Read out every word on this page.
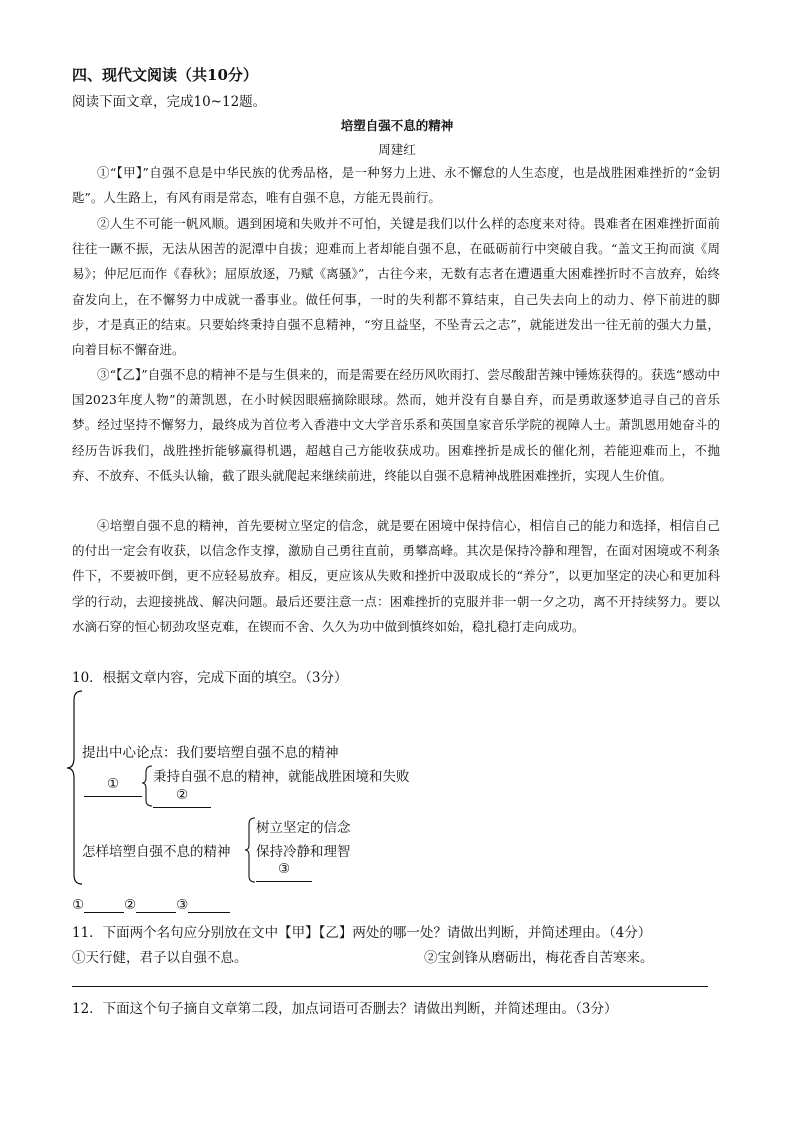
四、现代文阅读（共10分）
阅读下面文章，完成10~12题。
培塑自强不息的精神
周建红
①“【甲】”自强不息是中华民族的优秀品格，是一种努力上进、永不懈怠的人生态度，也是战胜困难挫折的“金钥匙”。人生路上，有风有雨是常态，唯有自强不息，方能无畏前行。
②人生不可能一帆风顺。遇到困境和失败并不可怕，关键是我们以什么样的态度来对待。畏难者在困难挫折面前往往一蹶不振，无法从困苦的泥潭中自拔；迎难而上者却能自强不息，在砥砺前行中突破自我。“盖文王拘而演《周易》；仲尼厄而作《春秋》；屈原放逐，乃赋《离骚》”，古往今来，无数有志者在遭遇重大困难挫折时不言放弃，始终奋发向上，在不懈努力中成就一番事业。做任何事，一时的失利都不算结束，自己失去向上的动力、停下前进的脚步，才是真正的结束。只要始终秉持自强不息精神，“穷且益坚，不坠青云之志”，就能迸发出一往无前的强大力量，向着目标不懈奋进。
③“【乙】”自强不息的精神不是与生俱来的，而是需要在经历风吹雨打、尝尽酸甜苦辣中锤炼获得的。获选“感动中国2023年度人物”的萧凯恩，在小时候因眼癌摘除眼球。然而，她并没有自暴自弃，而是勇敢逐梦追寻自己的音乐梦。经过坚持不懈努力，最终成为首位考入香港中文大学音乐系和英国皇家音乐学院的视障人士。萧凯恩用她奋斗的经历告诉我们，战胜挫折能够赢得机遇，超越自己方能收获成功。困难挫折是成长的催化剂，若能迎难而上，不抛弃、不放弃、不低头认输，截了跟头就爬起来继续前进，终能以自强不息精神战胜困难挫折，实现人生价值。
④培塑自强不息的精神，首先要树立坚定的信念，就是要在困境中保持信心，相信自己的能力和选择，相信自己的付出一定会有收获，以信念作支撑，激励自己勇往直前，勇攀高峰。其次是保持冷静和理智，在面对困境或不利条件下，不要被吓倒，更不应轻易放弃。相反，更应该从失败和挫折中汲取成长的“养分”，以更加坚定的决心和更加科学的行动，去迎接挑战、解决问题。最后还要注意一点：困难挫折的克服并非一朝一夕之功，离不开持续努力。要以水滴石穿的恒心韧劲攻坚克难，在锲而不舍、久久为功中做到慎终如始，稳扎稳打走向成功。
10．根据文章内容，完成下面的填空。（3分）
提出中心论点：我们要培塑自强不息的精神
①	秉持自强不息的精神，就能战胜困境和失败
②
怎样培塑自强不息的精神
树立坚定的信念
保持冷静和理智
③
①	②	③
11．下面两个名句应分别放在文中【甲】【乙】两处的哪一处？请做出判断，并简述理由。（4分）
①天行健，君子以自强不息。	②宝剑锋从磨砺出，梅花香自苦寒来。
12．下面这个句子摘自文章第二段，加点词语可否删去？请做出判断，并简述理由。（3分）
